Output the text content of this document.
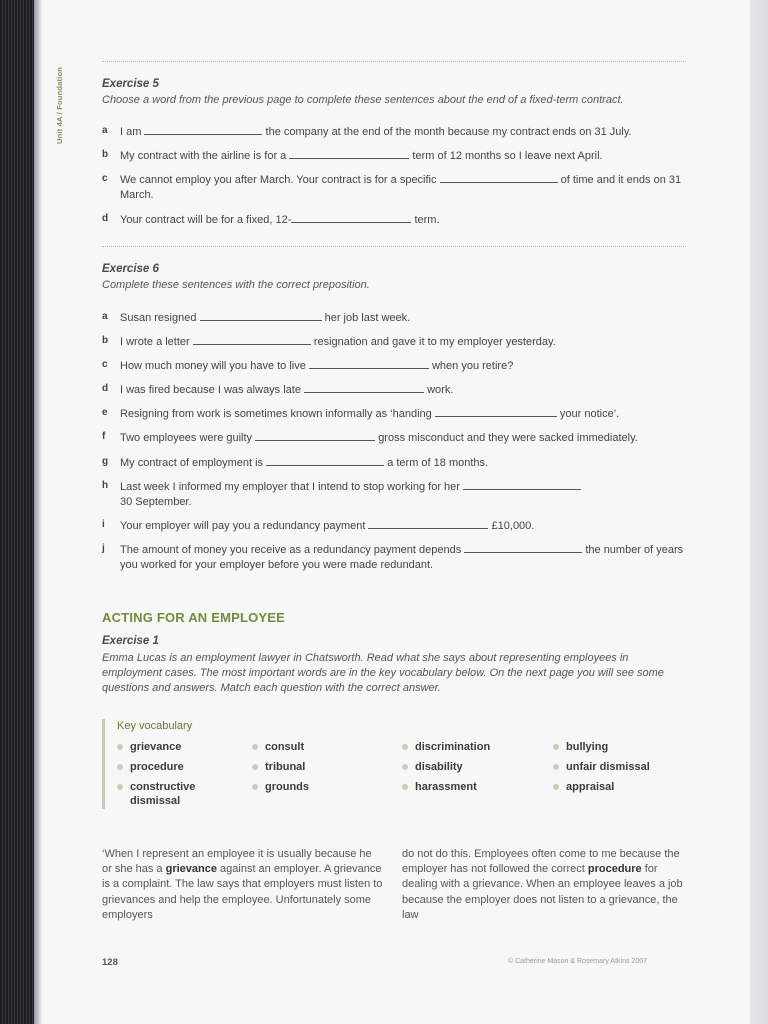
Unit 4A / Foundation	Exercise 5
Choose a word from the previous page to complete these sentences about the end of a fixed-term contract.
a I am	the company at the end of the month because my contract ends on 31 July.
b My contract with the airline is for a	term of 12 months so I leave next April.
c We cannot employ you after March. Your contract is for a specific	of time and it ends on 31 March.
d Your contract will be for a fixed, 12-	term.
Exercise 6
Complete these sentences with the correct preposition.
a Susan resigned	her job last week.
b I wrote a letter	resignation and gave it to my employer yesterday.
c How much money will you have to live	when you retire?
d I was fired because I was always late	work.
e Resigning from work is sometimes known informally as ‘handing	your notice’.
f Two employees were guilty	gross misconduct and they were sacked immediately.
g My contract of employment is	a term of 18 months.
h Last week I informed my employer that I intend to stop working for her
30 September.
i Your employer will pay you a redundancy payment	£10,000.
j The amount of money you receive as a redundancy payment depends	the number of years you worked for your employer before you were made redundant.
ACTING FOR AN EMPLOYEE
Exercise 1
Emma Lucas is an employment lawyer in Chatsworth. Read what she says about representing employees in employment cases. The most important words are in the key vocabulary below. On the next page you will see some questions and answers. Match each question with the correct answer.
Key vocabulary
grievance
procedure
constructive dismissal
consult
tribunal
grounds
discrimination
disability
harassment
bullying
unfair dismissal
appraisal
‘When I represent an employee it is usually because he or she has a grievance against an employer. A grievance is a complaint. The law says that employers must listen to grievances and help the employee. Unfortunately some employers
do not do this. Employees often come to me because the employer has not followed the correct procedure for dealing with a grievance. When an employee leaves a job because the employer does not listen to a grievance, the law
128	© Catherine Mason & Rosemary Atkins 2007
